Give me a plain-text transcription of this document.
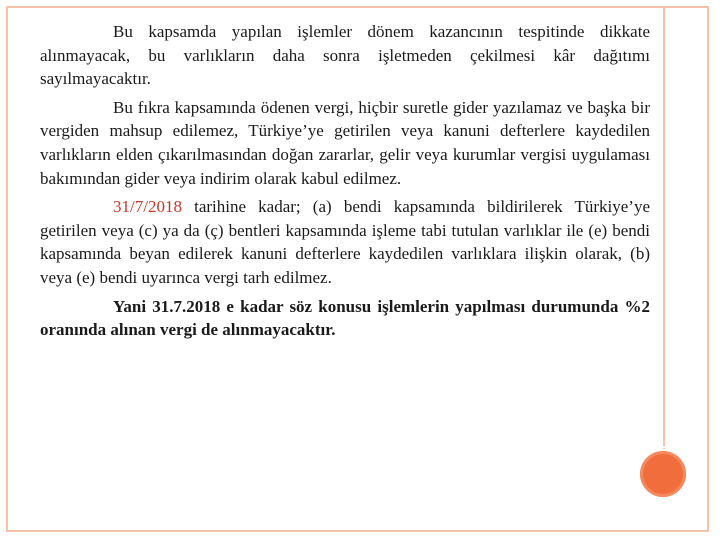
Bu kapsamda yapılan işlemler dönem kazancının tespitinde dikkate alınmayacak, bu varlıkların daha sonra işletmeden çekilmesi kâr dağıtımı sayılmayacaktır.

Bu fıkra kapsamında ödenen vergi, hiçbir suretle gider yazılamaz ve başka bir vergiden mahsup edilemez, Türkiye’ye getirilen veya kanuni defterlere kaydedilen varlıkların elden çıkarılmasından doğan zararlar, gelir veya kurumlar vergisi uygulaması bakımından gider veya indirim olarak kabul edilmez.

31/7/2018 tarihine kadar; (a) bendi kapsamında bildirilerek Türkiye’ye getirilen veya (c) ya da (ç) bentleri kapsamında işleme tabi tutulan varlıklar ile (e) bendi kapsamında beyan edilerek kanuni defterlere kaydedilen varlıklara ilişkin olarak, (b) veya (e) bendi uyarınca vergi tarh edilmez.

Yani 31.7.2018 e kadar söz konusu işlemlerin yapılması durumunda %2 oranında alınan vergi de alınmayacaktır.
